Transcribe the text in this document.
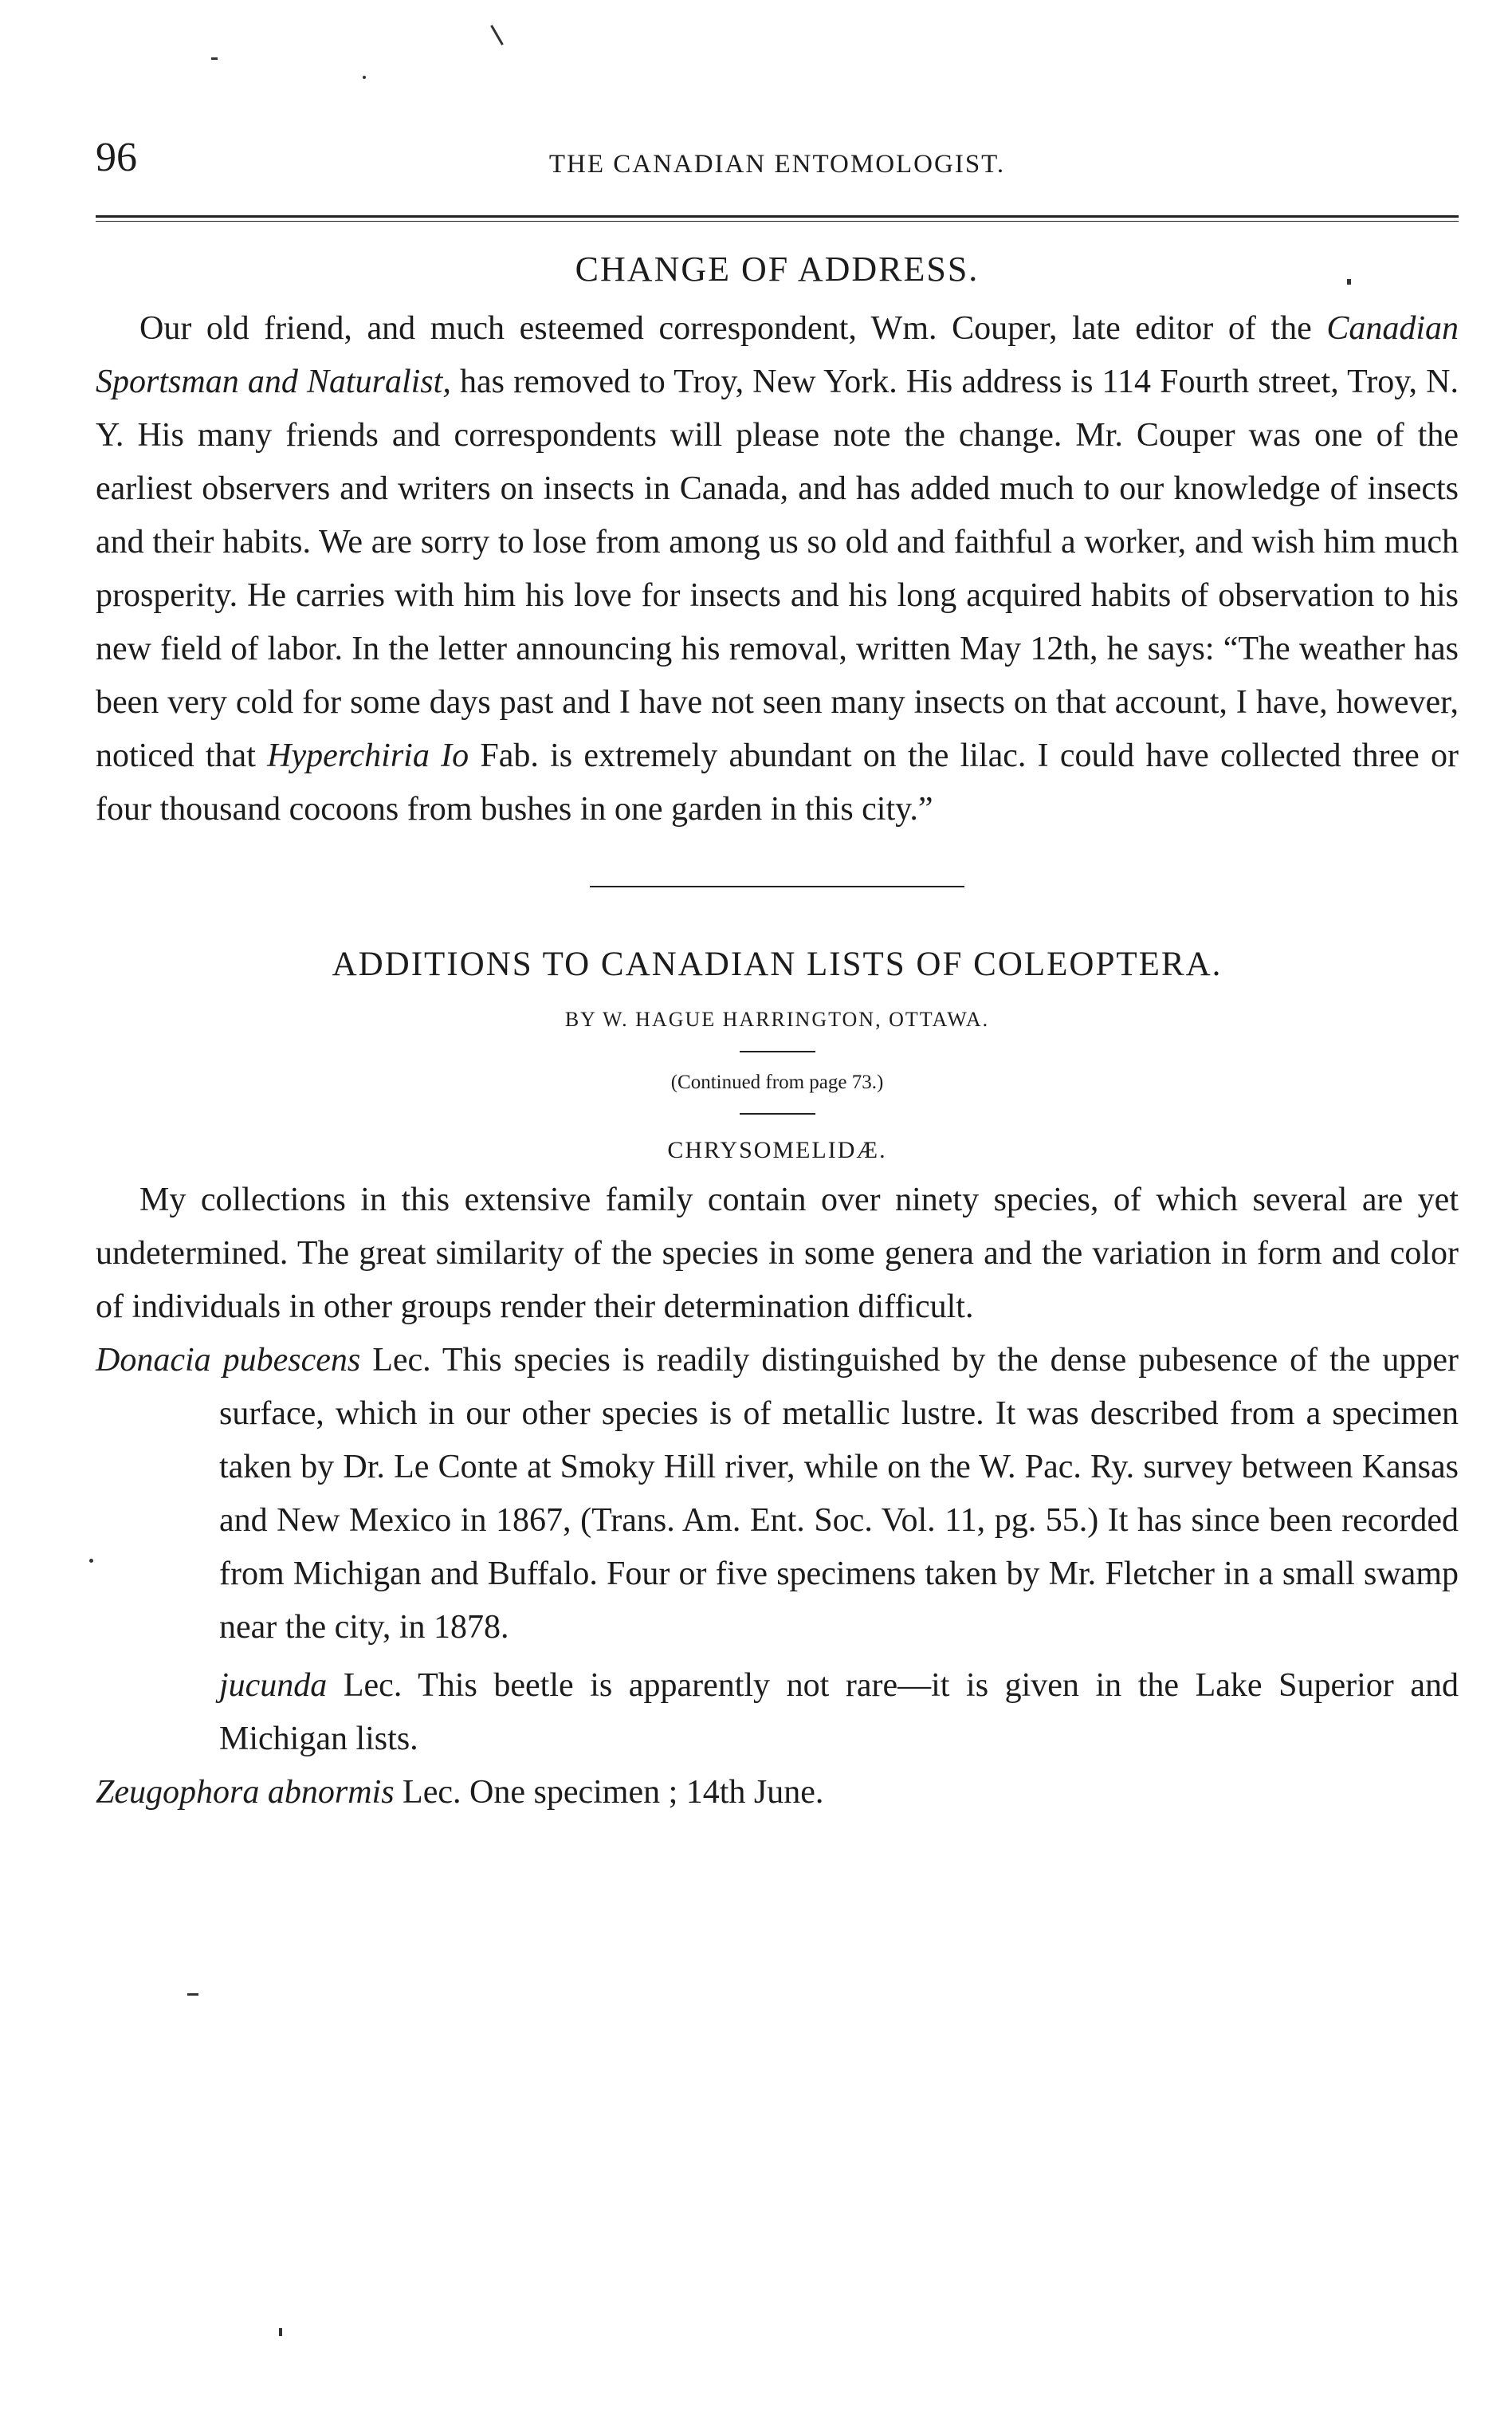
96	THE CANADIAN ENTOMOLOGIST.
CHANGE OF ADDRESS.

Our old friend, and much esteemed correspondent, Wm. Couper, late editor of the Canadian Sportsman and Naturalist, has removed to Troy, New York. His address is 114 Fourth street, Troy, N. Y. His many friends and correspondents will please note the change. Mr. Couper was one of the earliest observers and writers on insects in Canada, and has added much to our knowledge of insects and their habits. We are sorry to lose from among us so old and faithful a worker, and wish him much prosperity. He carries with him his love for insects and his long acquired habits of observation to his new field of labor. In the letter announcing his removal, written May 12th, he says: “The weather has been very cold for some days past and I have not seen many insects on that account, I have, however, noticed that Hyperchiria Io Fab. is extremely abundant on the lilac. I could have collected three or four thousand cocoons from bushes in one garden in this city.”

ADDITIONS TO CANADIAN LISTS OF COLEOPTERA.
BY W. HAGUE HARRINGTON, OTTAWA.
(Continued from page 73.)
CHRYSOMELIDÆ.

My collections in this extensive family contain over ninety species, of which several are yet undetermined. The great similarity of the species in some genera and the variation in form and color of individuals in other groups render their determination difficult.

Donacia pubescens Lec. This species is readily distinguished by the dense pubesence of the upper surface, which in our other species is of metallic lustre. It was described from a specimen taken by Dr. Le Conte at Smoky Hill river, while on the W. Pac. Ry. survey between Kansas and New Mexico in 1867, (Trans. Am. Ent. Soc. Vol. 11, pg. 55.) It has since been recorded from Michigan and Buffalo. Four or five specimens taken by Mr. Fletcher in a small swamp near the city, in 1878.

jucunda Lec. This beetle is apparently not rare—it is given in the Lake Superior and Michigan lists.

Zeugophora abnormis Lec. One specimen ; 14th June.
